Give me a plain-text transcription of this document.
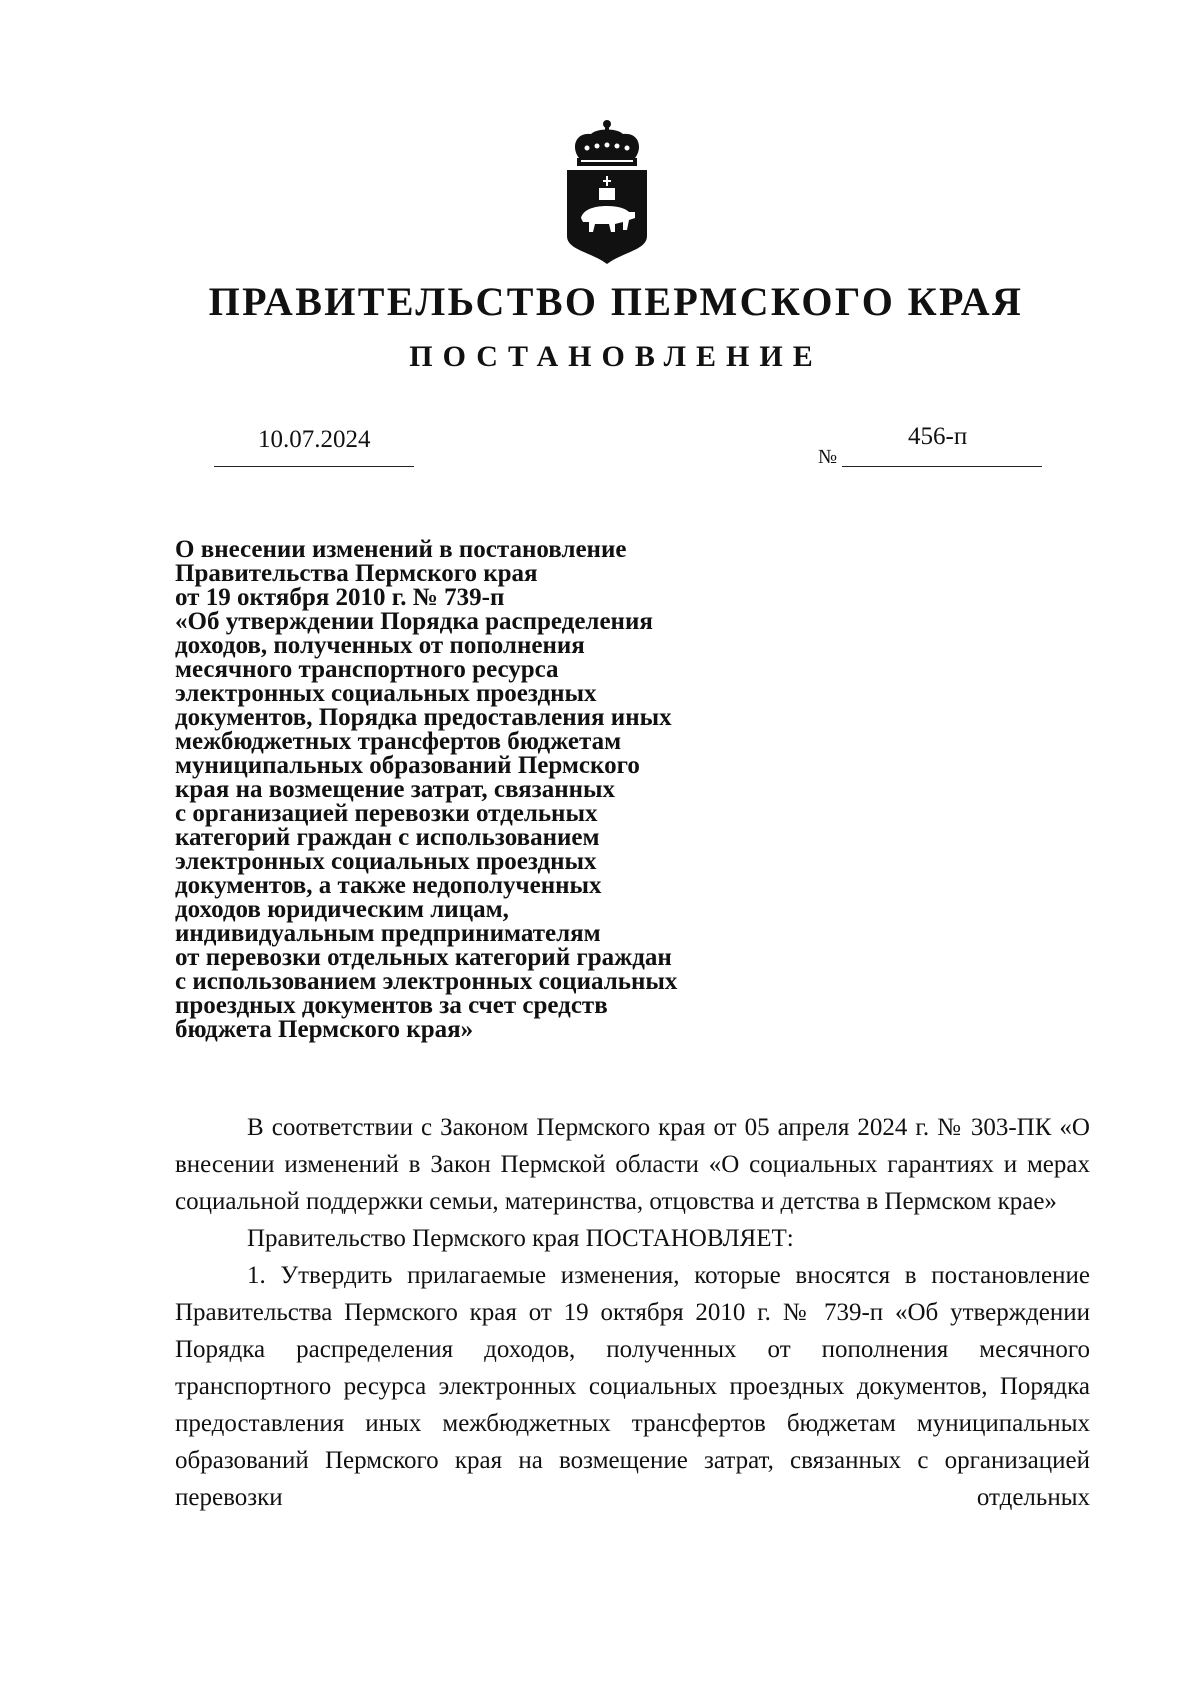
ПРАВИТЕЛЬСТВО ПЕРМСКОГО КРАЯ
ПОСТАНОВЛЕНИЕ
10.07.2024
№
456-п
О внесении изменений в постановление
Правительства Пермского края
от 19 октября 2010 г. № 739-п
«Об утверждении Порядка распределения
доходов, полученных от пополнения
месячного транспортного ресурса
электронных социальных проездных
документов, Порядка предоставления иных
межбюджетных трансфертов бюджетам
муниципальных образований Пермского
края на возмещение затрат, связанных
с организацией перевозки отдельных
категорий граждан с использованием
электронных социальных проездных
документов, а также недополученных
доходов юридическим лицам,
индивидуальным предпринимателям
от перевозки отдельных категорий граждан
с использованием электронных социальных
проездных документов за счет средств
бюджета Пермского края»

В соответствии с Законом Пермского края от 05 апреля 2024 г. № 303-ПК «О внесении изменений в Закон Пермской области «О социальных гарантиях и мерах социальной поддержки семьи, материнства, отцовства и детства в Пермском крае»

Правительство Пермского края ПОСТАНОВЛЯЕТ:

1. Утвердить прилагаемые изменения, которые вносятся в постановление Правительства Пермского края от 19 октября 2010 г. № 739-п «Об утверждении Порядка распределения доходов, полученных от пополнения месячного транспортного ресурса электронных социальных проездных документов, Порядка предоставления иных межбюджетных трансфертов бюджетам муниципальных образований Пермского края на возмещение затрат, связанных с организацией перевозки отдельных
